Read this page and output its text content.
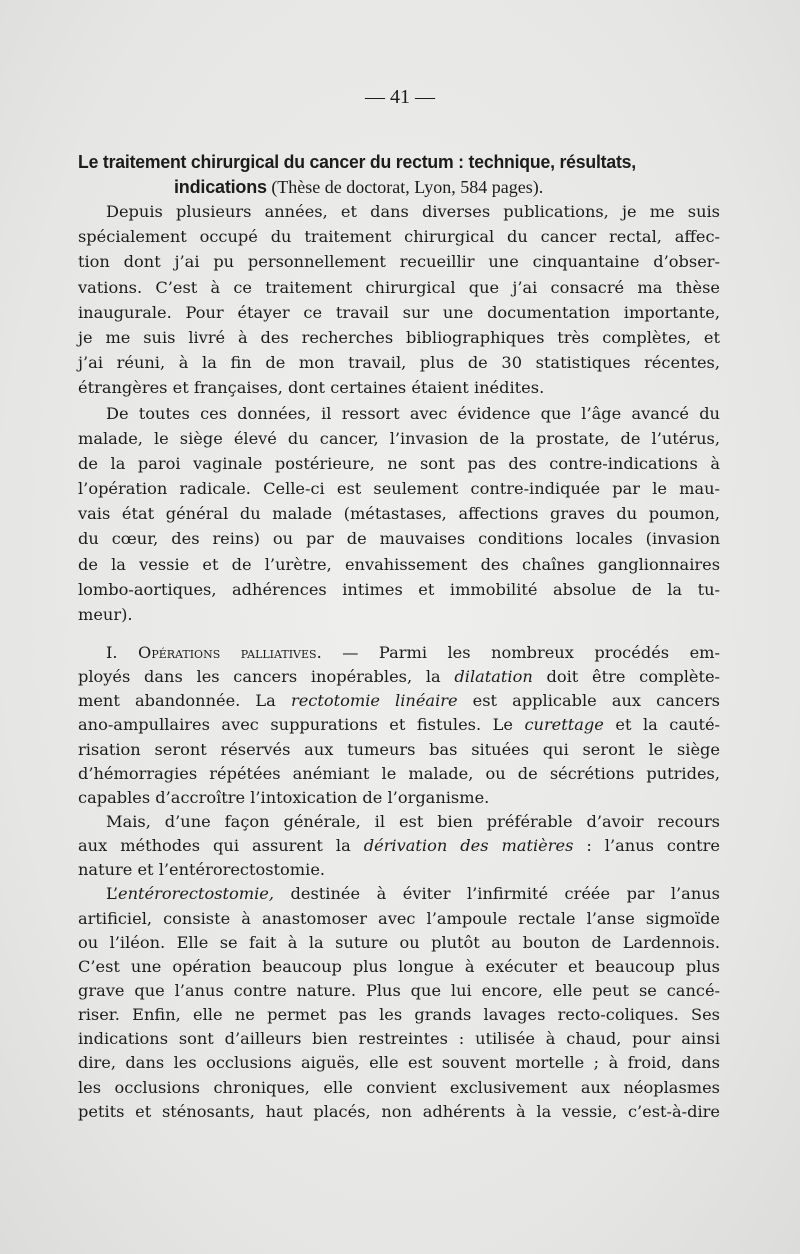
— 41 —
Le traitement chirurgical du cancer du rectum : technique, résultats,
indications (Thèse de doctorat, Lyon, 584 pages).
Depuis plusieurs années, et dans diverses publications, je me suis
spécialement occupé du traitement chirurgical du cancer rectal, affec-
tion dont j’ai pu personnellement recueillir une cinquantaine d’obser-
vations. C’est à ce traitement chirurgical que j’ai consacré ma thèse
inaugurale. Pour étayer ce travail sur une documentation importante,
je me suis livré à des recherches bibliographiques très complètes, et
j’ai réuni, à la fin de mon travail, plus de 30 statistiques récentes,
étrangères et françaises, dont certaines étaient inédites.
De toutes ces données, il ressort avec évidence que l’âge avancé du
malade, le siège élevé du cancer, l’invasion de la prostate, de l’utérus,
de la paroi vaginale postérieure, ne sont pas des contre-indications à
l’opération radicale. Celle-ci est seulement contre-indiquée par le mau-
vais état général du malade (métastases, affections graves du poumon,
du cœur, des reins) ou par de mauvaises conditions locales (invasion
de la vessie et de l’urètre, envahissement des chaînes ganglionnaires
lombo-aortiques, adhérences intimes et immobilité absolue de la tu-
meur).
I. Opérations palliatives. — Parmi les nombreux procédés em-
ployés dans les cancers inopérables, la dilatation doit être complète-
ment abandonnée. La rectotomie linéaire est applicable aux cancers
ano-ampullaires avec suppurations et fistules. Le curettage et la cauté-
risation seront réservés aux tumeurs bas situées qui seront le siège
d’hémorragies répétées anémiant le malade, ou de sécrétions putrides,
capables d’accroître l’intoxication de l’organisme.
Mais, d’une façon générale, il est bien préférable d’avoir recours
aux méthodes qui assurent la dérivation des matières : l’anus contre
nature et l’entérorectostomie.
L’entérorectostomie, destinée à éviter l’infirmité créée par l’anus
artificiel, consiste à anastomoser avec l’ampoule rectale l’anse sigmoïde
ou l’iléon. Elle se fait à la suture ou plutôt au bouton de Lardennois.
C’est une opération beaucoup plus longue à exécuter et beaucoup plus
grave que l’anus contre nature. Plus que lui encore, elle peut se cancé-
riser. Enfin, elle ne permet pas les grands lavages recto-coliques. Ses
indications sont d’ailleurs bien restreintes : utilisée à chaud, pour ainsi
dire, dans les occlusions aiguës, elle est souvent mortelle ; à froid, dans
les occlusions chroniques, elle convient exclusivement aux néoplasmes
petits et sténosants, haut placés, non adhérents à la vessie, c’est-à-dire
